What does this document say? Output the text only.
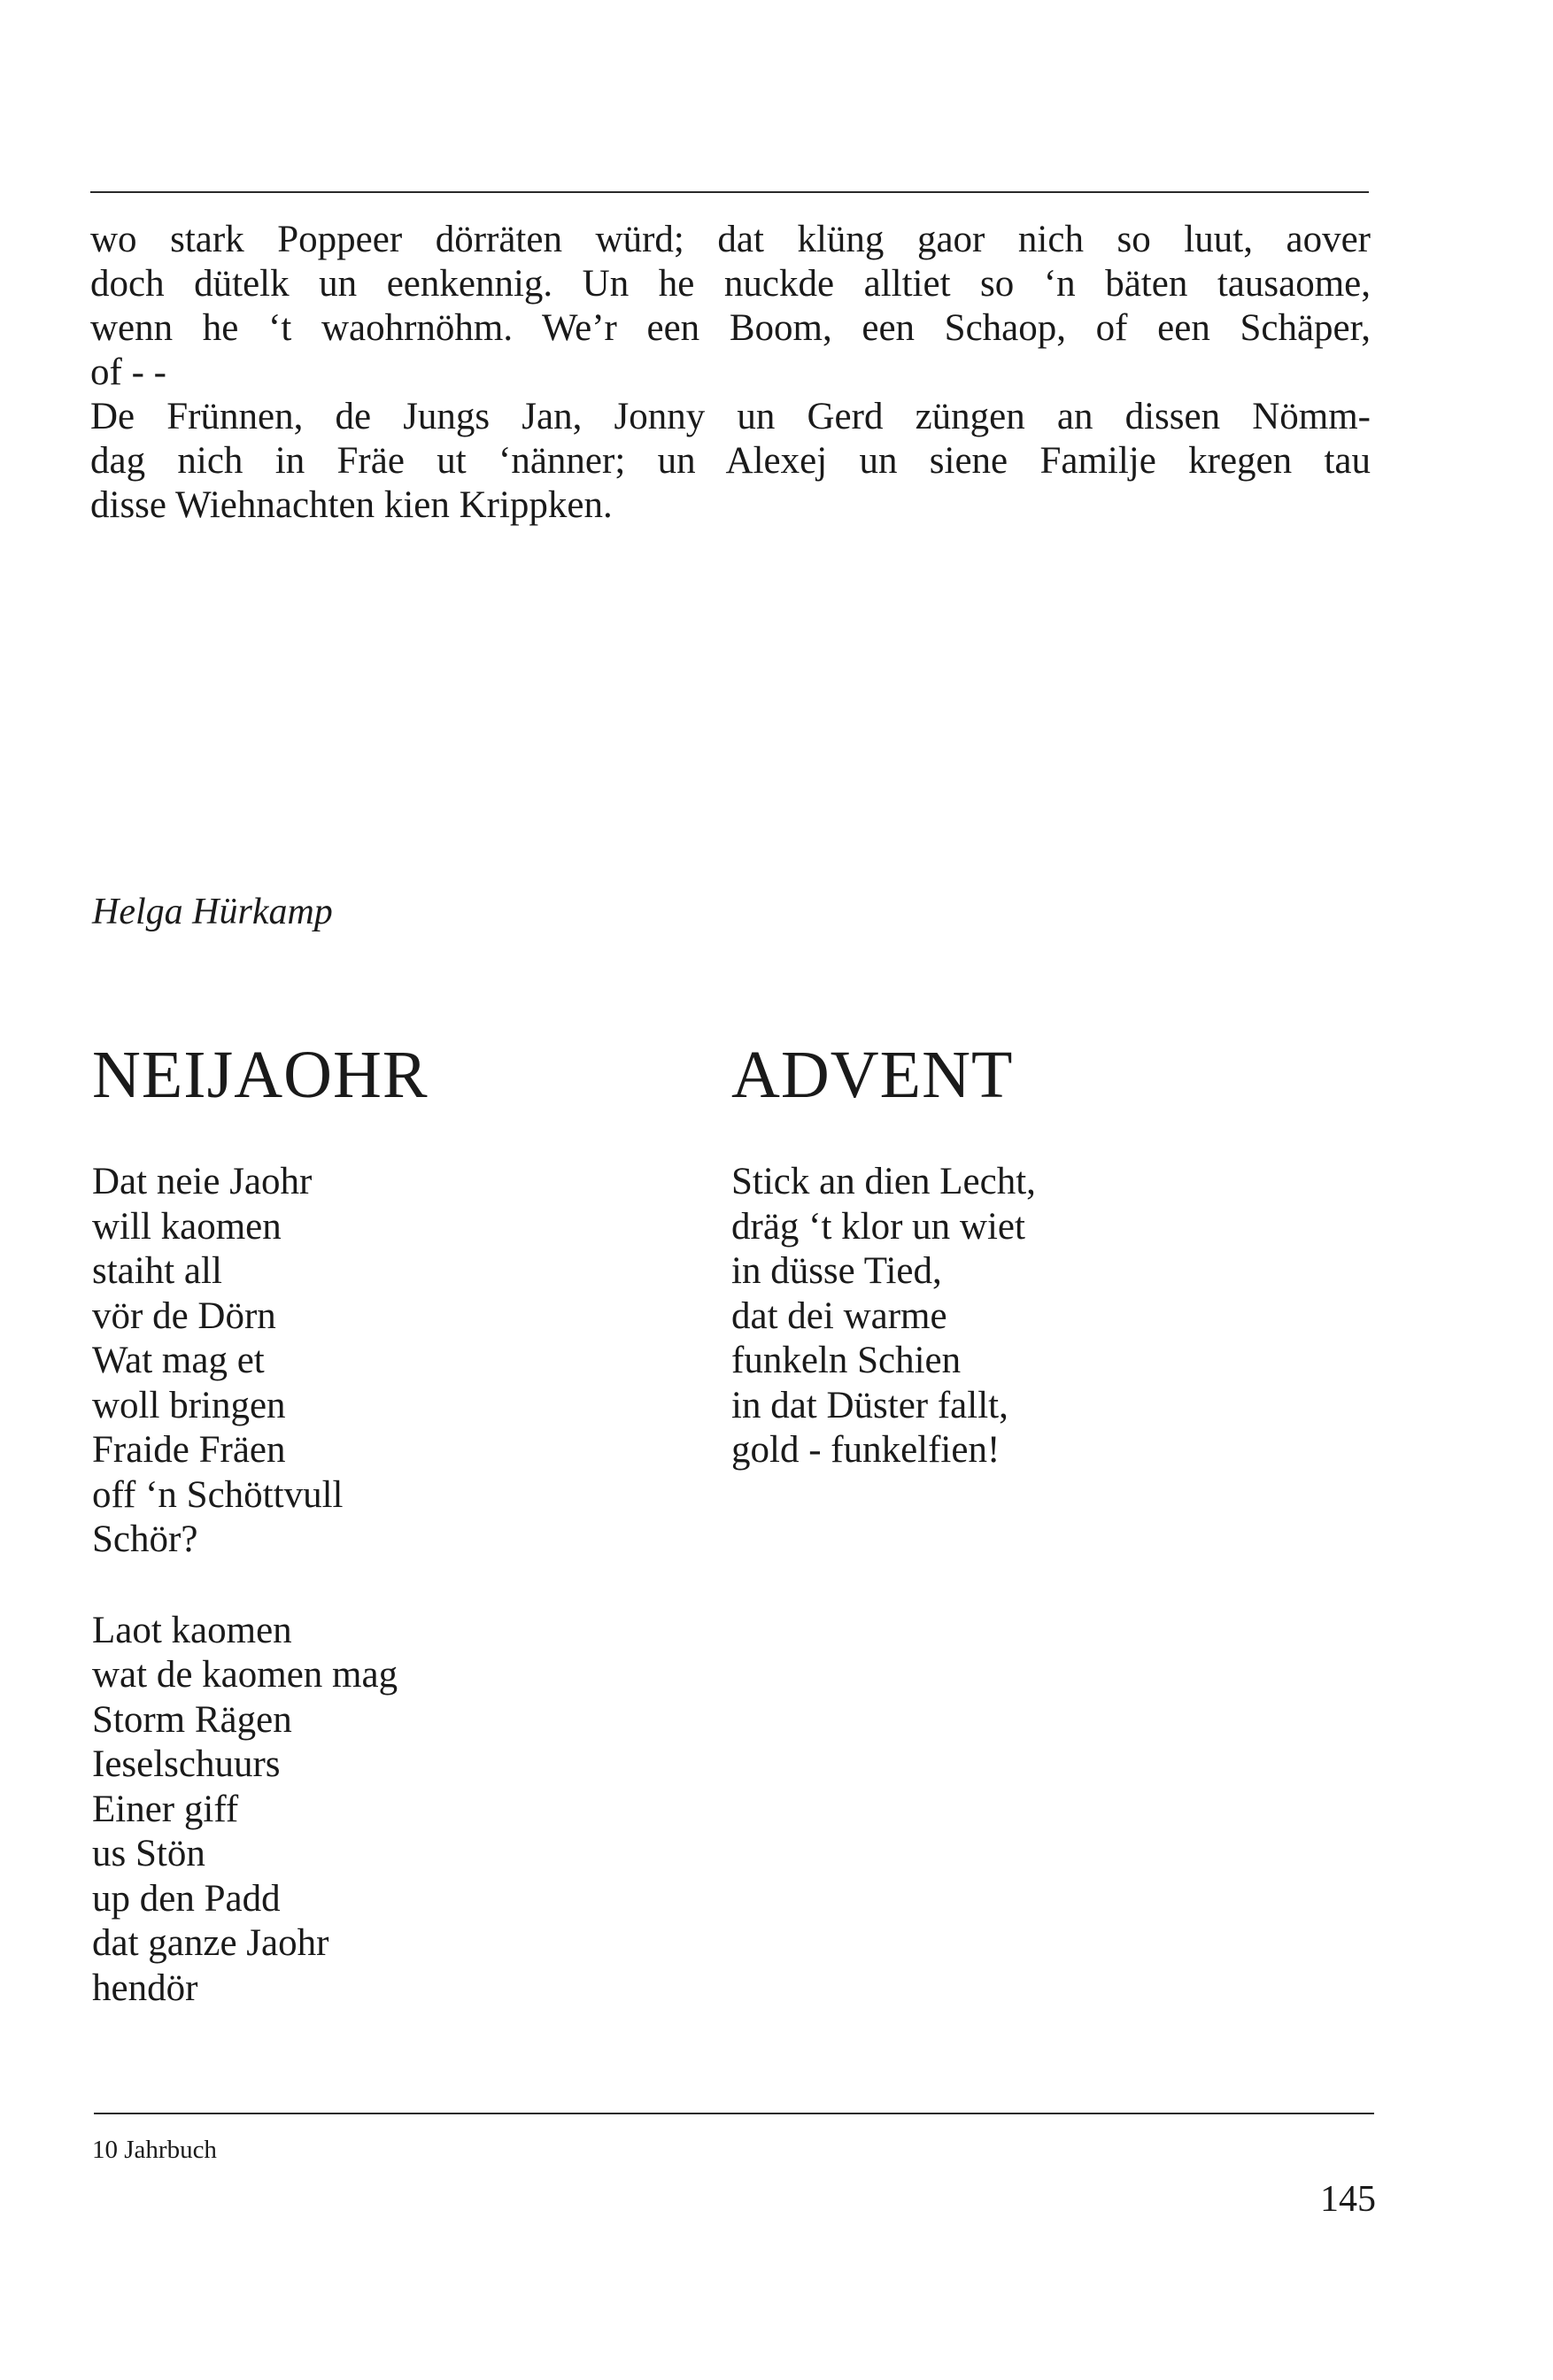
wo stark Poppeer dörräten würd; dat klüng gaor nich so luut, aover
doch dütelk un eenkennig. Un he nuckde alltiet so ‘n bäten tausaome,
wenn he ‘t waohrnöhm. We’r een Boom, een Schaop, of een Schäper,
of - -
De Frünnen, de Jungs Jan, Jonny un Gerd züngen an dissen Nömm-
dag nich in Fräe ut ‘nänner; un Alexej un siene Familje kregen tau
disse Wiehnachten kien Krippken.
Helga Hürkamp
NEIJAOHR
Dat neie Jaohr
will kaomen
staiht all
vör de Dörn
Wat mag et
woll bringen
Fraide Fräen
off ‘n Schöttvull
Schör?
Laot kaomen
wat de kaomen mag
Storm Rägen
Ieselschuurs
Einer giff
us Stön
up den Padd
dat ganze Jaohr
hendör
ADVENT
Stick an dien Lecht,
dräg ‘t klor un wiet
in düsse Tied,
dat dei warme
funkeln Schien
in dat Düster fallt,
gold - funkelfien!
10 Jahrbuch
145
